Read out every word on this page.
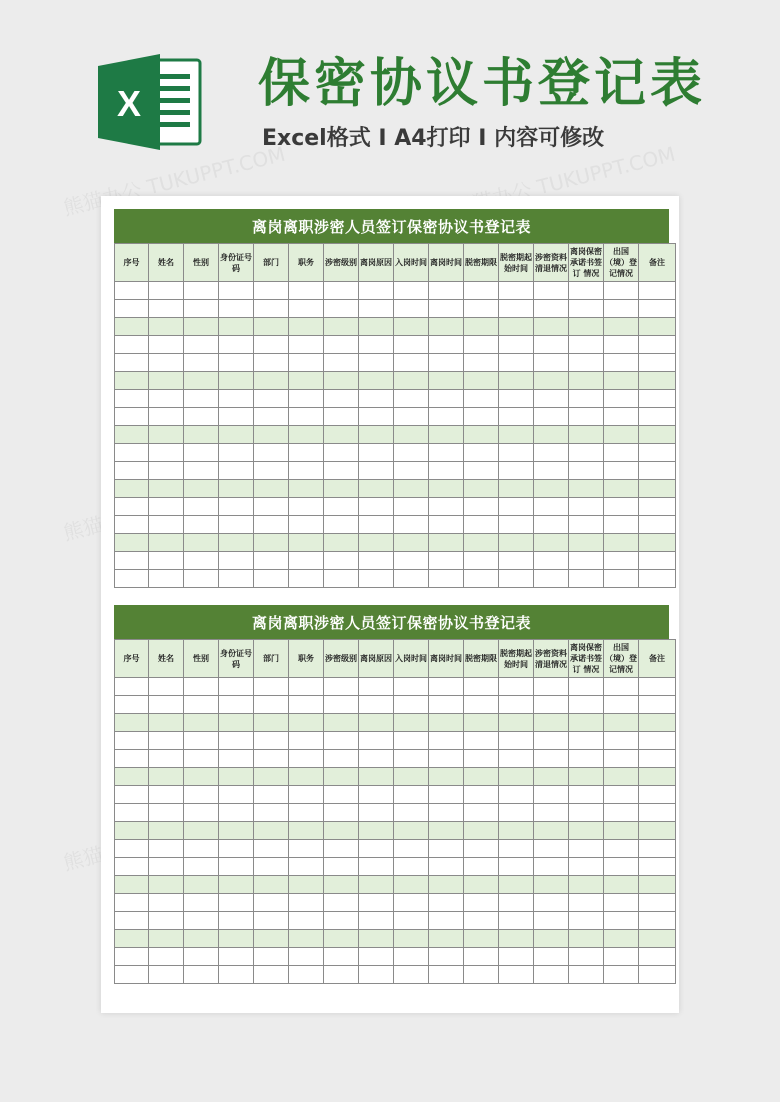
X 保密协议书登记表
Excel格式 I A4打印 I 内容可修改
熊猫办公 TUKUPPT.COM	熊猫办公 TUKUPPT.COM
离岗离职涉密人员签订保密协议书登记表
序号	姓名	性别	身份证号码	部门	职务	涉密级别	离岗原因	入岗时间	离岗时间	脱密期限	脱密期起始时间	涉密资料清退情况	离岗保密承诺书签订 情况	出国（境）登记情况	备注

离岗离职涉密人员签订保密协议书登记表
序号	姓名	性别	身份证号码	部门	职务	涉密级别	离岗原因	入岗时间	离岗时间	脱密期限	脱密期起始时间	涉密资料清退情况	离岗保密承诺书签订 情况	出国（境）登记情况	备注
